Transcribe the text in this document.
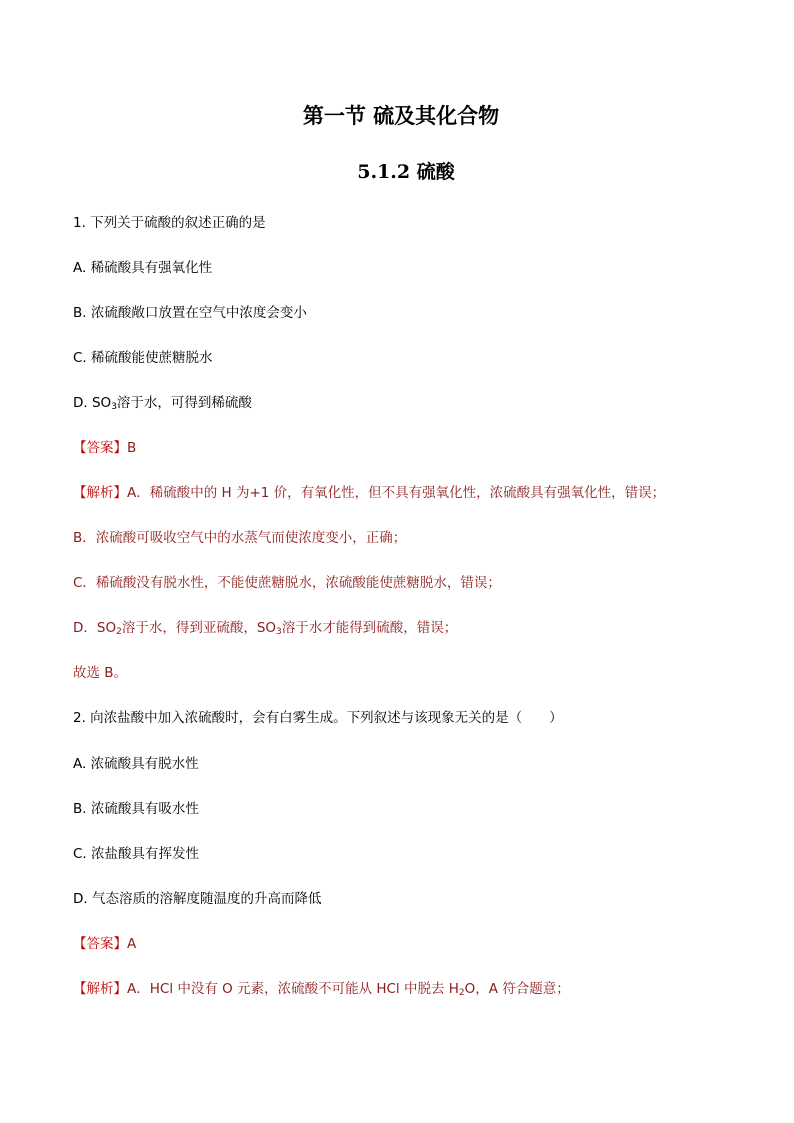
第一节 硫及其化合物
5.1.2 硫酸
1. 下列关于硫酸的叙述正确的是
A. 稀硫酸具有强氧化性
B. 浓硫酸敞口放置在空气中浓度会变小
C. 稀硫酸能使蔗糖脱水
D. $SO_3$溶于水，可得到稀硫酸
【答案】B
【解析】A．稀硫酸中的 H 为+1 价，有氧化性，但不具有强氧化性，浓硫酸具有强氧化性，错误；
B．浓硫酸可吸收空气中的水蒸气而使浓度变小，正确；
C．稀硫酸没有脱水性，不能使蔗糖脱水，浓硫酸能使蔗糖脱水，错误；
D．$SO_2$溶于水，得到亚硫酸，$SO_3$溶于水才能得到硫酸，错误；
故选 B。
2. 向浓盐酸中加入浓硫酸时，会有白雾生成。下列叙述与该现象无关的是（　　）
A. 浓硫酸具有脱水性
B. 浓硫酸具有吸水性
C. 浓盐酸具有挥发性
D. 气态溶质的溶解度随温度的升高而降低
【答案】A
【解析】A．HCl 中没有 O 元素，浓硫酸不可能从 HCl 中脱去 $H_2O$，A 符合题意；
